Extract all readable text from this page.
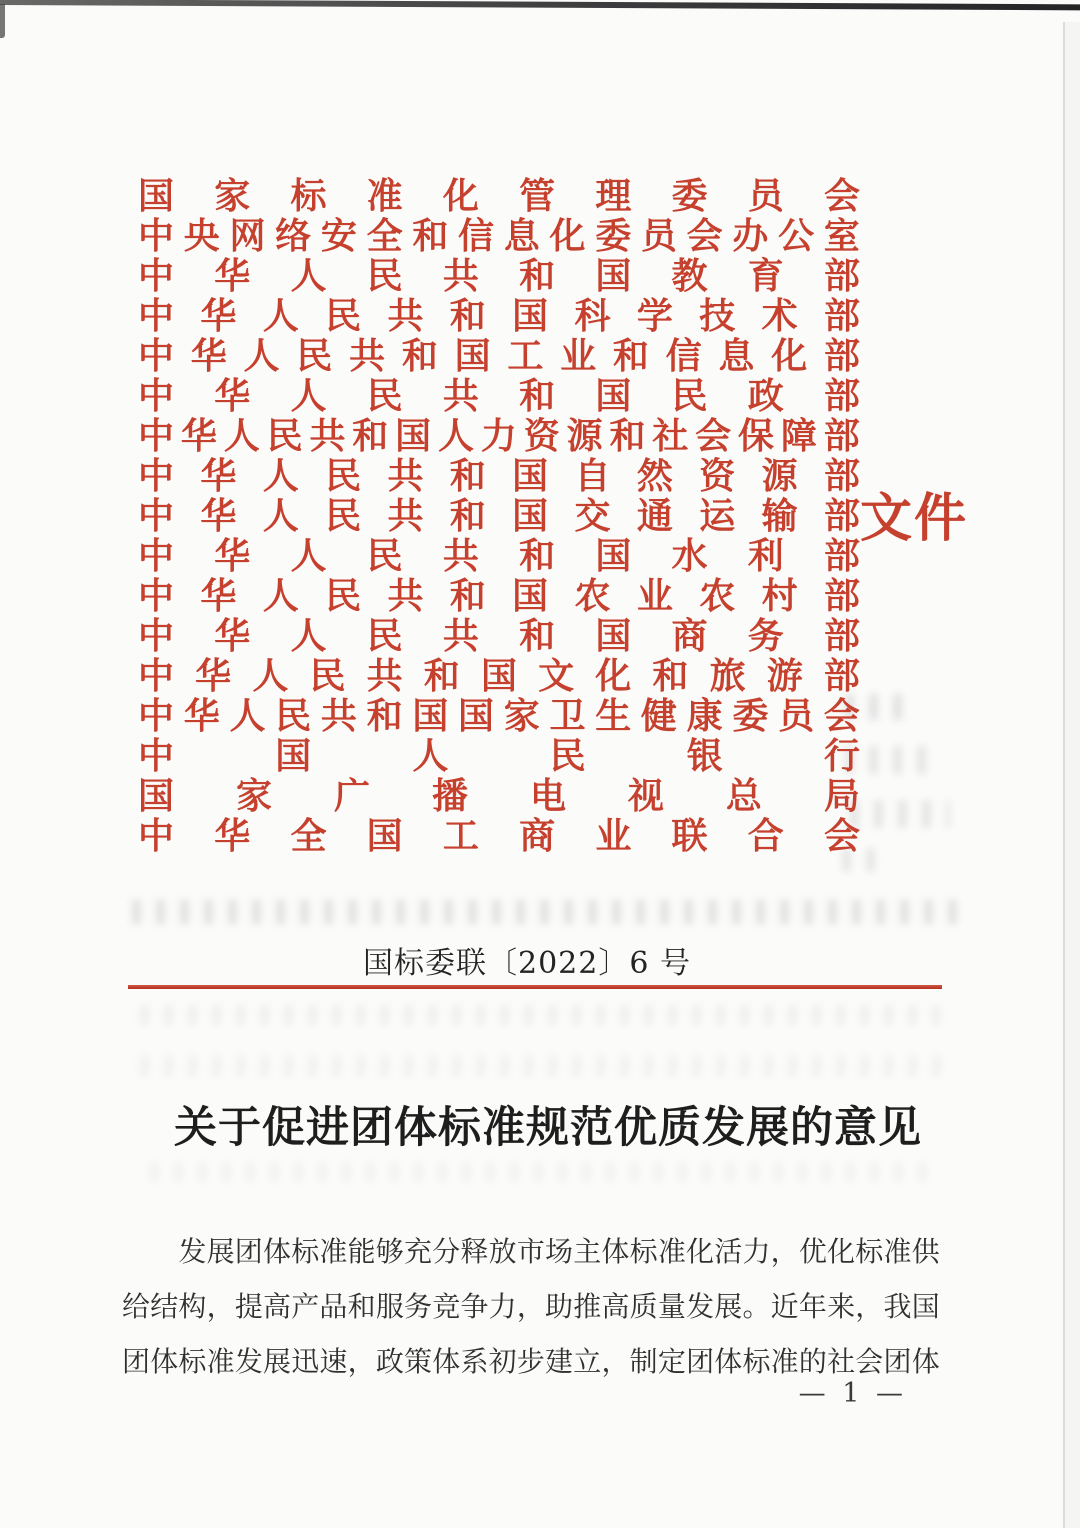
国 家 标 准 化 管 理 委 员 会
中 央 网 络 安 全 和 信 息 化 委 员 会 办 公 室
中 华 人 民 共 和 国 教 育 部
中 华 人 民 共 和 国 科 学 技 术 部
中 华 人 民 共 和 国 工 业 和 信 息 化 部
中 华 人 民 共 和 国 民 政 部
中 华 人 民 共 和 国 人 力 资 源 和 社 会 保 障 部
中 华 人 民 共 和 国 自 然 资 源 部
中 华 人 民 共 和 国 交 通 运 输 部
中 华 人 民 共 和 国 水 利 部
中 华 人 民 共 和 国 农 业 农 村 部
中 华 人 民 共 和 国 商 务 部
中 华 人 民 共 和 国 文 化 和 旅 游 部
中 华 人 民 共 和 国 国 家 卫 生 健 康 委 员 会
中	国	人	民	银	行
国 家 广 播 电 视 总 局
中 华 全 国 工 商 业 联 合 会
文件
国标委联〔2022〕6 号
关于促进团体标准规范优质发展的意见
发 展 团 体 标 准 能 够 充 分 释 放 市 场 主 体 标 准 化 活 力 ， 优 化 标 准 供
给 结 构 ， 提 高 产 品 和 服 务 竞 争 力 ， 助 推 高 质 量 发 展 。 近 年 来 ， 我 国
团 体 标 准 发 展 迅 速 ， 政 策 体 系 初 步 建 立 ， 制 定 团 体 标 准 的 社 会 团 体
— 1 —
